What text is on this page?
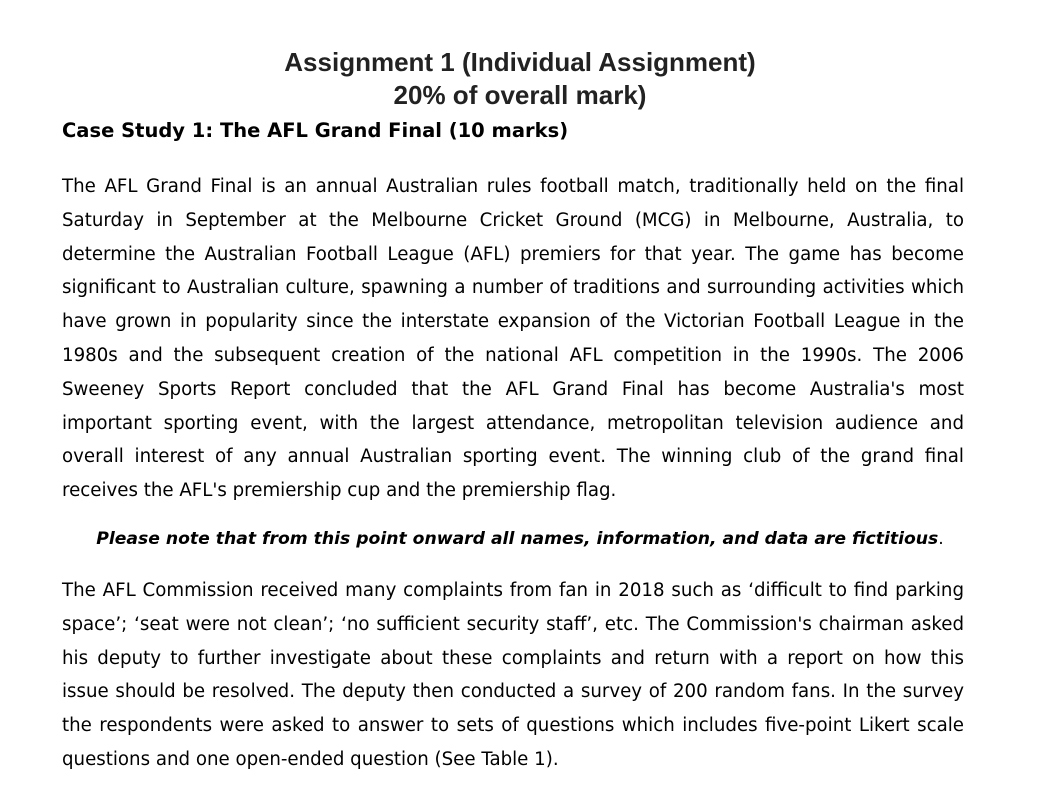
Assignment 1 (Individual Assignment)
20% of overall mark)
Case Study 1: The AFL Grand Final (10 marks)

The AFL Grand Final is an annual Australian rules football match, traditionally held on the final Saturday in September at the Melbourne Cricket Ground (MCG) in Melbourne, Australia, to determine the Australian Football League (AFL) premiers for that year. The game has become significant to Australian culture, spawning a number of traditions and surrounding activities which have grown in popularity since the interstate expansion of the Victorian Football League in the 1980s and the subsequent creation of the national AFL competition in the 1990s. The 2006 Sweeney Sports Report concluded that the AFL Grand Final has become Australia's most important sporting event, with the largest attendance, metropolitan television audience and overall interest of any annual Australian sporting event. The winning club of the grand final receives the AFL's premiership cup and the premiership flag.

Please note that from this point onward all names, information, and data are fictitious.

The AFL Commission received many complaints from fan in 2018 such as ‘difficult to find parking space’; ‘seat were not clean’; ‘no sufficient security staff’, etc. The Commission's chairman asked his deputy to further investigate about these complaints and return with a report on how this issue should be resolved. The deputy then conducted a survey of 200 random fans. In the survey the respondents were asked to answer to sets of questions which includes five-point Likert scale questions and one open-ended question (See Table 1).
